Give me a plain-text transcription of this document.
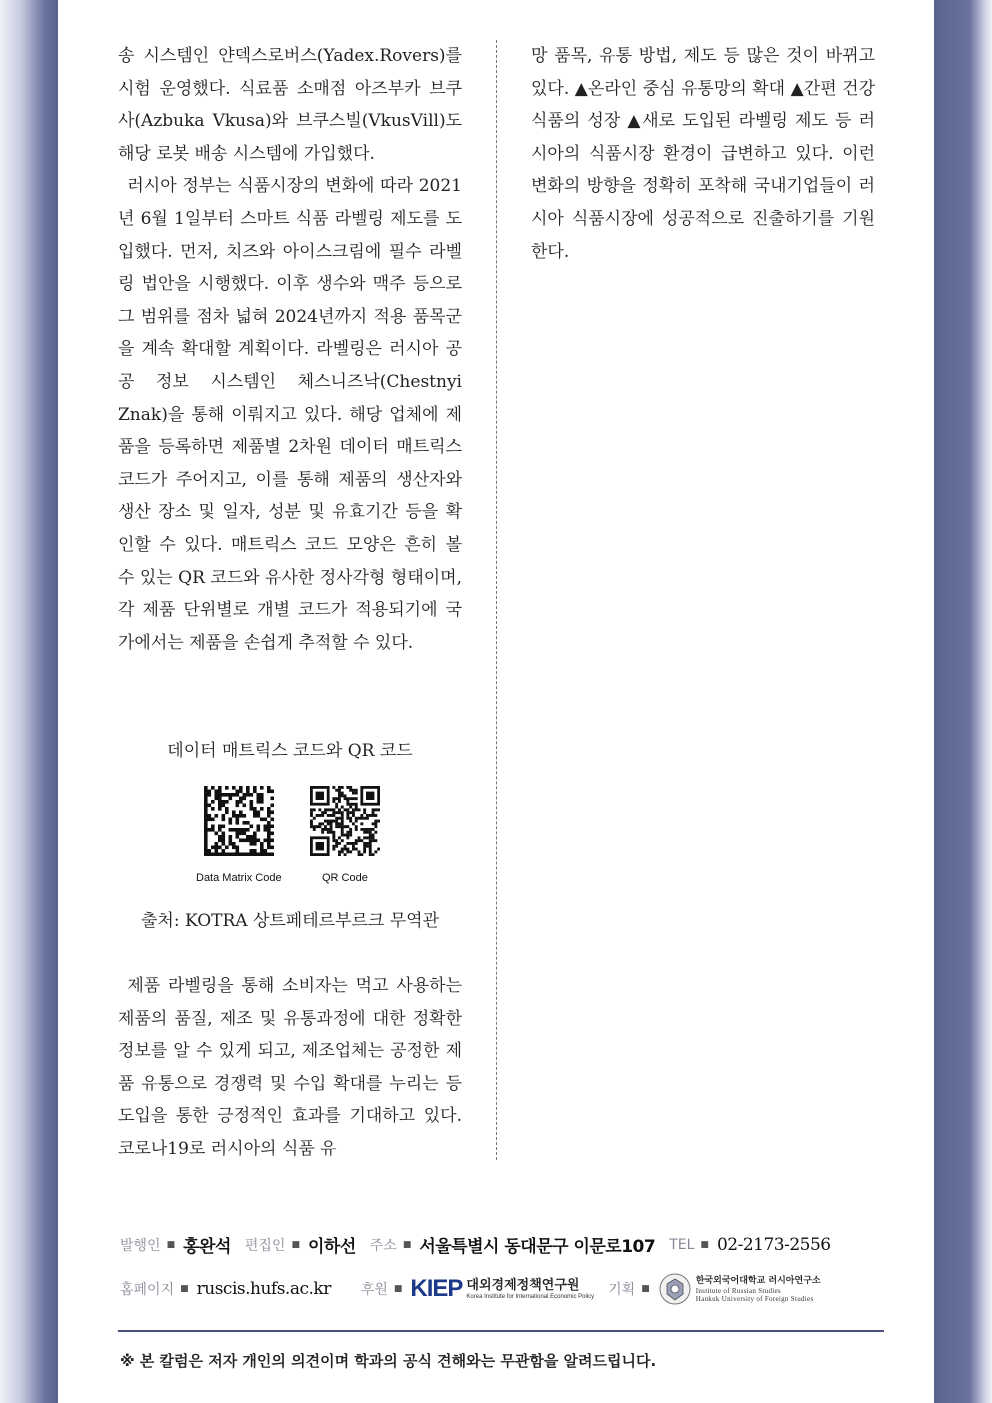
송 시스템인 얀덱스로버스(Yadex.Rovers)를 시험 운영했다. 식료품 소매점 아즈부카 브쿠사(Azbuka Vkusa)와 브쿠스빌(VkusVill)도 해당 로봇 배송 시스템에 가입했다.

러시아 정부는 식품시장의 변화에 따라 2021년 6월 1일부터 스마트 식품 라벨링 제도를 도입했다. 먼저, 치즈와 아이스크림에 필수 라벨링 법안을 시행했다. 이후 생수와 맥주 등으로 그 범위를 점차 넓혀 2024년까지 적용 품목군을 계속 확대할 계획이다. 라벨링은 러시아 공공 정보 시스템인 체스니즈낙(Chestnyi Znak)을 통해 이뤄지고 있다. 해당 업체에 제품을 등록하면 제품별 2차원 데이터 매트릭스 코드가 주어지고, 이를 통해 제품의 생산자와 생산 장소 및 일자, 성분 및 유효기간 등을 확인할 수 있다. 매트릭스 코드 모양은 흔히 볼 수 있는 QR 코드와 유사한 정사각형 형태이며, 각 제품 단위별로 개별 코드가 적용되기에 국가에서는 제품을 손쉽게 추적할 수 있다.

데이터 매트릭스 코드와 QR 코드
Data Matrix Code	QR Code
출처: KOTRA 상트페테르부르크 무역관

제품 라벨링을 통해 소비자는 먹고 사용하는 제품의 품질, 제조 및 유통과정에 대한 정확한 정보를 알 수 있게 되고, 제조업체는 공정한 제품 유통으로 경쟁력 및 수입 확대를 누리는 등 도입을 통한 긍정적인 효과를 기대하고 있다. 코로나19로 러시아의 식품 유

망 품목, 유통 방법, 제도 등 많은 것이 바뀌고 있다. ▲온라인 중심 유통망의 확대 ▲간편 건강식품의 성장 ▲새로 도입된 라벨링 제도 등 러시아의 식품시장 환경이 급변하고 있다. 이런 변화의 방향을 정확히 포착해 국내기업들이 러시아 식품시장에 성공적으로 진출하기를 기원한다.

발행인 ■ 홍완석 편집인 ■ 이하선 주소 ■ 서울특별시 동대문구 이문로107 TEL ■ 02-2173-2556
홈페이지 ■ ruscis.hufs.ac.kr 후원 ■ KIEP 대외경제정책연구원
Korea Institute for International Economic Policy 기획 ■
한국외국어대학교 러시아연구소
Institute of Russian Studies
Hankuk University of Foreign Studies
※ 본 칼럼은 저자 개인의 의견이며 학과의 공식 견해와는 무관함을 알려드립니다.
